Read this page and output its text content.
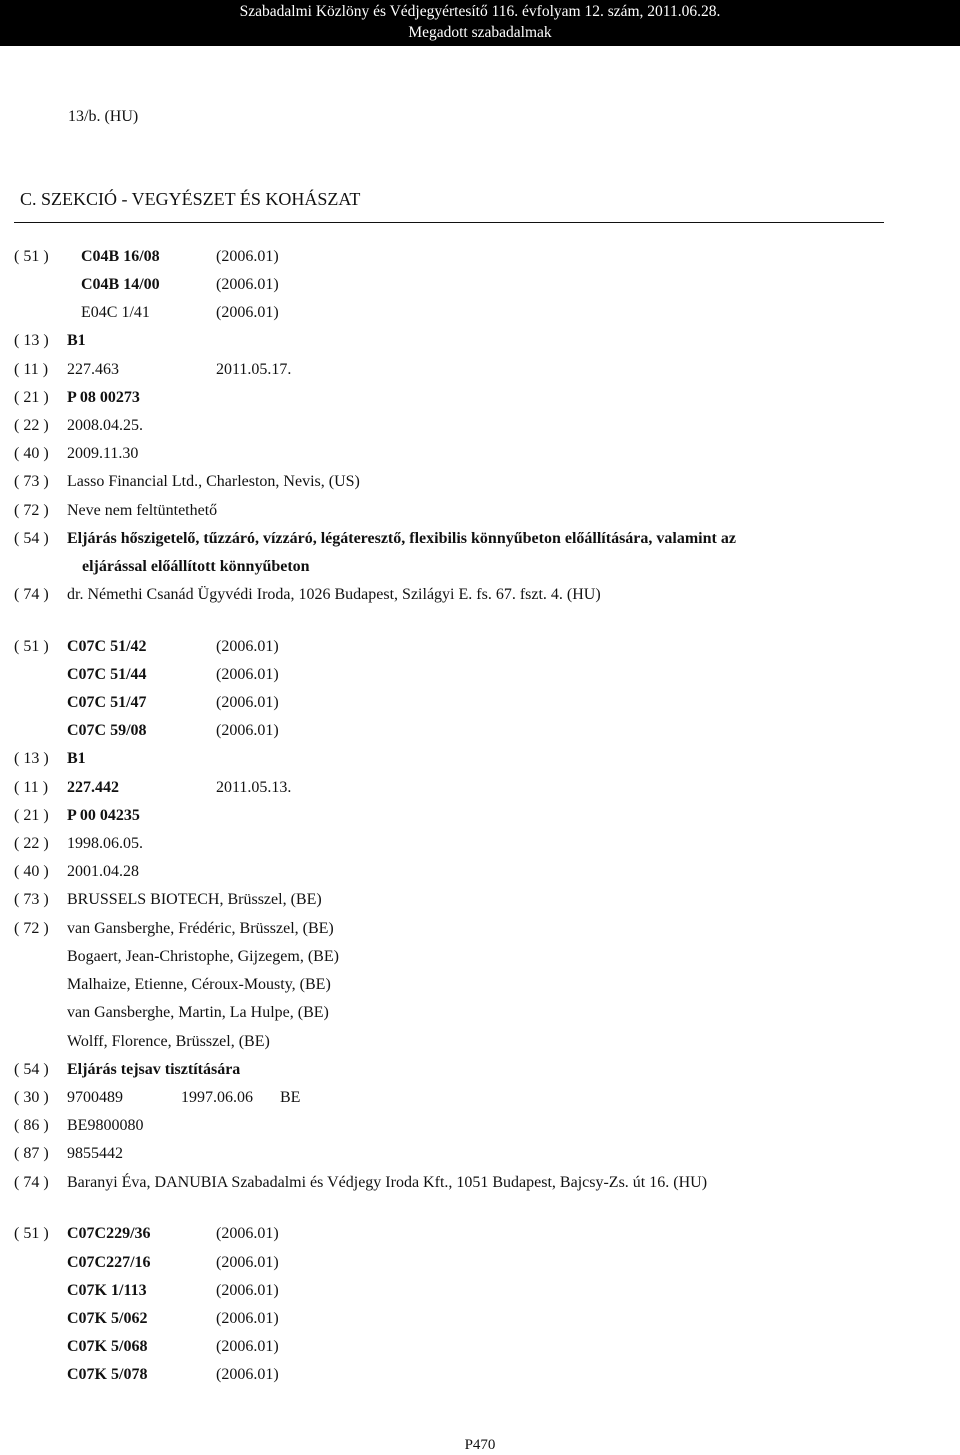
Szabadalmi Közlöny és Védjegyértesítő 116. évfolyam 12. szám, 2011.06.28.
Megadott szabadalmak
13/b. (HU)
C. SZEKCIÓ - VEGYÉSZET ÉS KOHÁSZAT
( 51 ) C04B 16/08	(2006.01)
C04B 14/00	(2006.01)
E04C 1/41	(2006.01)
( 13 ) B1
( 11 ) 227.463	2011.05.17.
( 21 ) P 08 00273
( 22 ) 2008.04.25.
( 40 ) 2009.11.30
( 73 ) Lasso Financial Ltd., Charleston, Nevis, (US)
( 72 ) Neve nem feltüntethető
( 54 ) Eljárás hőszigetelő, tűzzáró, vízzáró, légáteresztő, flexibilis könnyűbeton előállítására, valamint az
eljárással előállított könnyűbeton
( 74 ) dr. Némethi Csanád Ügyvédi Iroda, 1026 Budapest, Szilágyi E. fs. 67. fszt. 4. (HU)
( 51 ) C07C 51/42	(2006.01)
C07C 51/44	(2006.01)
C07C 51/47	(2006.01)
C07C 59/08	(2006.01)
( 13 ) B1
( 11 ) 227.442	2011.05.13.
( 21 ) P 00 04235
( 22 ) 1998.06.05.
( 40 ) 2001.04.28
( 73 ) BRUSSELS BIOTECH, Brüsszel, (BE)
( 72 ) van Gansberghe, Frédéric, Brüsszel, (BE)
Bogaert, Jean-Christophe, Gijzegem, (BE)
Malhaize, Etienne, Céroux-Mousty, (BE)
van Gansberghe, Martin, La Hulpe, (BE)
Wolff, Florence, Brüsszel, (BE)
( 54 ) Eljárás tejsav tisztítására
( 30 ) 9700489	1997.06.06 BE
( 86 ) BE9800080
( 87 ) 9855442
( 74 ) Baranyi Éva, DANUBIA Szabadalmi és Védjegy Iroda Kft., 1051 Budapest, Bajcsy-Zs. út 16. (HU)
( 51 ) C07C229/36	(2006.01)
C07C227/16	(2006.01)
C07K 1/113	(2006.01)
C07K 5/062	(2006.01)
C07K 5/068	(2006.01)
C07K 5/078	(2006.01)
P470
